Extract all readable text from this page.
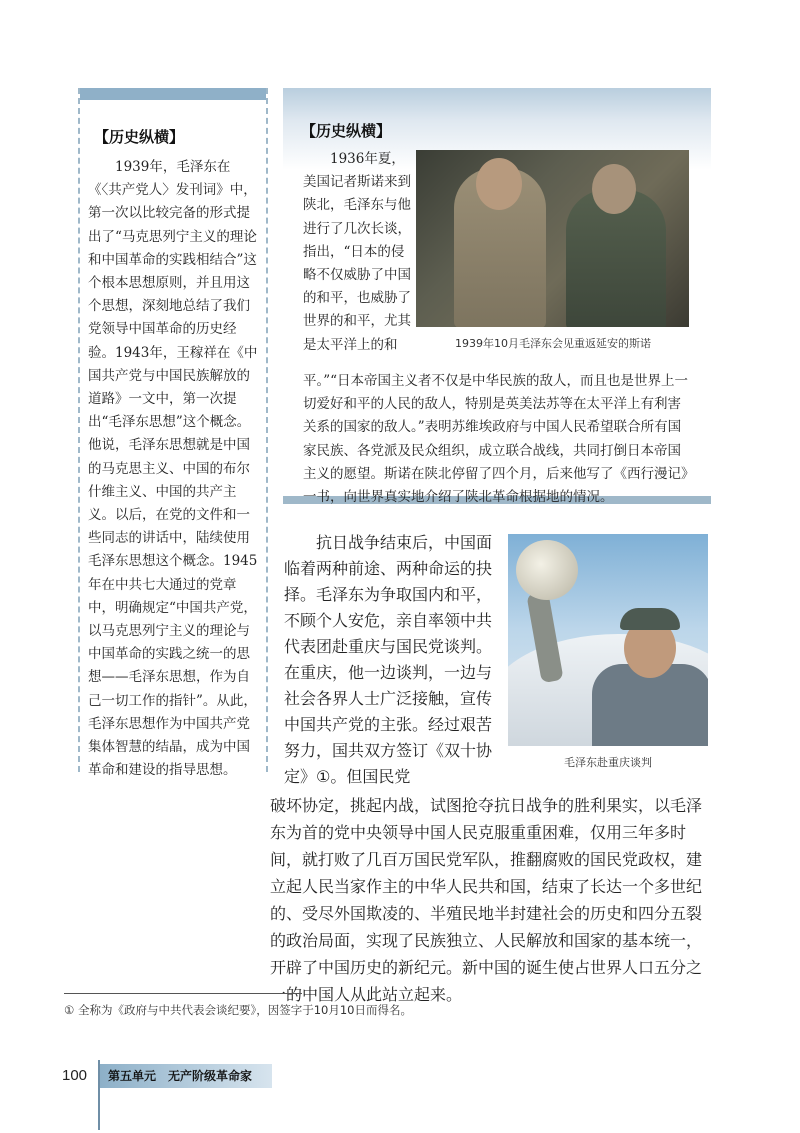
【历史纵横】

1939年，毛泽东在《〈共产党人〉发刊词》中，第一次以比较完备的形式提出了“马克思列宁主义的理论和中国革命的实践相结合”这个根本思想原则，并且用这个思想，深刻地总结了我们党领导中国革命的历史经验。1943年，王稼祥在《中国共产党与中国民族解放的道路》一文中，第一次提出“毛泽东思想”这个概念。他说，毛泽东思想就是中国的马克思主义、中国的布尔什维主义、中国的共产主义。以后，在党的文件和一些同志的讲话中，陆续使用毛泽东思想这个概念。1945年在中共七大通过的党章中，明确规定“中国共产党，以马克思列宁主义的理论与中国革命的实践之统一的思想——毛泽东思想，作为自己一切工作的指针”。从此，毛泽东思想作为中国共产党集体智慧的结晶，成为中国革命和建设的指导思想。

【历史纵横】

1936年夏，美国记者斯诺来到陕北，毛泽东与他进行了几次长谈，指出，“日本的侵略不仅威胁了中国的和平，也威胁了世界的和平，尤其是太平洋上的和	1939年10月毛泽东会见重返延安的斯诺

平。”“日本帝国主义者不仅是中华民族的敌人，而且也是世界上一切爱好和平的人民的敌人，特别是英美法苏等在太平洋上有利害关系的国家的敌人。”表明苏维埃政府与中国人民希望联合所有国家民族、各党派及民众组织，成立联合战线，共同打倒日本帝国主义的愿望。斯诺在陕北停留了四个月，后来他写了《西行漫记》一书，向世界真实地介绍了陕北革命根据地的情况。

抗日战争结束后，中国面临着两种前途、两种命运的抉择。毛泽东为争取国内和平，不顾个人安危，亲自率领中共代表团赴重庆与国民党谈判。在重庆，他一边谈判，一边与社会各界人士广泛接触，宣传中国共产党的主张。经过艰苦努力，国共双方签订《双十协定》①。但国民党

毛泽东赴重庆谈判

破坏协定，挑起内战，试图抢夺抗日战争的胜利果实，以毛泽东为首的党中央领导中国人民克服重重困难，仅用三年多时间，就打败了几百万国民党军队，推翻腐败的国民党政权，建立起人民当家作主的中华人民共和国，结束了长达一个多世纪的、受尽外国欺凌的、半殖民地半封建社会的历史和四分五裂的政治局面，实现了民族独立、人民解放和国家的基本统一，开辟了中国历史的新纪元。新中国的诞生使占世界人口五分之一的中国人从此站立起来。

① 全称为《政府与中共代表会谈纪要》，因签字于10月10日而得名。
100	第五单元　无产阶级革命家
